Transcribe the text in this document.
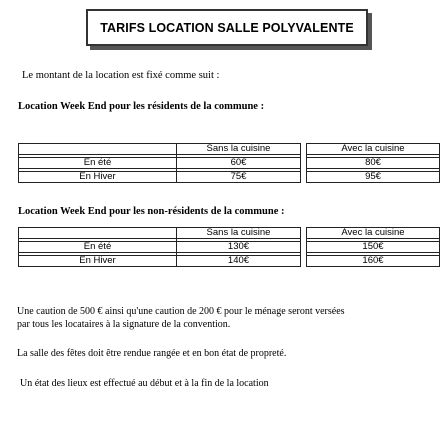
TARIFS LOCATION SALLE POLYVALENTE

Le montant de la location est fixé comme suit :

Location Week End pour les résidents de la commune :

		Sans la cuisine		Avec la cuisine

En été		60€		80€

En Hiver		75€		95€

Location Week End pour les non-résidents de la commune :

		Sans la cuisine		Avec la cuisine

En été		130€		150€

En Hiver		140€		160€

Une caution de 500 € ainsi qu'une caution de 200 € pour le ménage seront versées

par tous les locataires à la signature de la convention.

La salle des fêtes doit être rendue rangée et en bon état de propreté.

Un état des lieux est effectué au début et à la fin de la location
